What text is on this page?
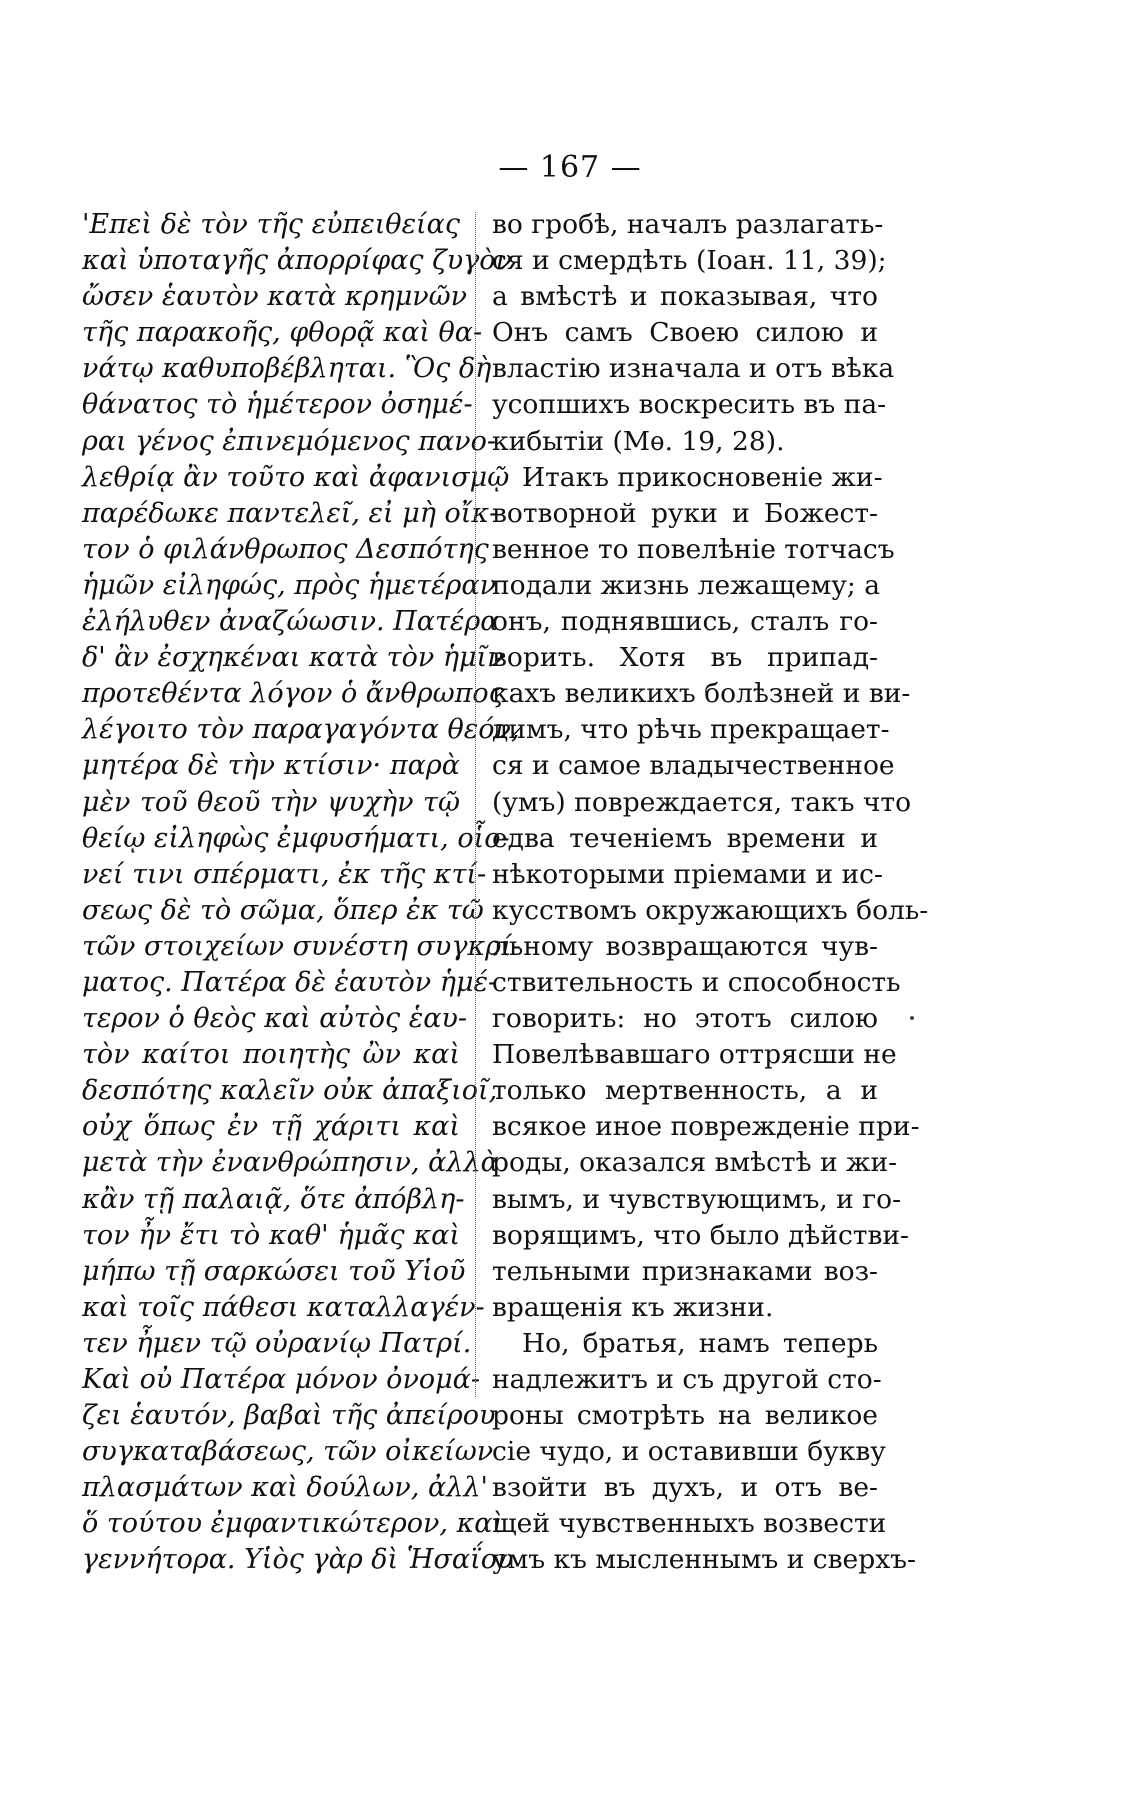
— 167 —
'Επεὶ δὲ τὸν τῆς εὐπειθείας
καὶ ὑποταγῆς ἀπορρίφας ζυγὸν
ὤσεν ἑαυτὸν κατὰ κρημνῶν
τῆς παρακοῆς, φθορᾷ καὶ θα-
νάτῳ καθυποβέβληται. Ὃς δὴ
θάνατος τὸ ἡμέτερον ὀσημέ-
ραι γένος ἐπινεμόμενος πανο-
λεθρίᾳ ἂν τοῦτο καὶ ἀφανισμῷ
παρέδωκε παντελεῖ, εἰ μὴ οἴκ-
τον ὁ φιλάνθρωπος Δεσπότης
ἡμῶν εἰληφώς, πρὸς ἡμετέραν
ἐλήλυθεν ἀναζώωσιν. Πατέρα
δ' ἂν ἐσχηκέναι κατὰ τὸν ἡμῖν
προτεθέντα λόγον ὁ ἄνθρωπος
λέγοιτο τὸν παραγαγόντα θεόν,
μητέρα δὲ τὴν κτίσιν· παρὰ
μὲν τοῦ θεοῦ τὴν ψυχὴν τῷ
θείῳ εἰληφὼς ἐμφυσήματι, οἷο-
νεί τινι σπέρματι, ἐκ τῆς κτί-
σεως δὲ τὸ σῶμα, ὅπερ ἐκ τῶ
τῶν στοιχείων συνέστη συγκρί-
ματος. Πατέρα δὲ ἑαυτὸν ἡμέ-
τερον ὁ θεὸς καὶ αὐτὸς ἑαυ-
τὸν καίτοι ποιητὴς ὢν καὶ
δεσπότης καλεῖν οὐκ ἀπαξιοῖ,
οὐχ ὅπως ἐν τῇ χάριτι καὶ
μετὰ τὴν ἐνανθρώπησιν, ἀλλὰ
κἂν τῇ παλαιᾷ, ὅτε ἀπόβλη-
τον ἦν ἔτι τὸ καθ' ἡμᾶς καὶ
μήπω τῇ σαρκώσει τοῦ Υἱοῦ
καὶ τοῖς πάθεσι καταλλαγέν-
τεν ἦμεν τῷ οὐρανίῳ Πατρί.
Καὶ οὐ Πατέρα μόνον ὀνομά-
ζει ἑαυτόν, βαβαὶ τῆς ἀπείρου
συγκαταβάσεως, τῶν οἰκείων
πλασμάτων καὶ δούλων, ἀλλ'
ὅ τούτου ἐμφαντικώτερον, καὶ
γεννήτορα. Υἱὸς γὰρ δὶ Ἡσαΐου
во гробѣ, началъ разлагать-
ся и смердѣть (Іоан. 11, 39);
а вмѣстѣ и показывая, что
Онъ самъ Своею силою и
властію изначала и отъ вѣка
усопшихъ воскресить въ па-
кибытіи (Мѳ. 19, 28).
Итакъ прикосновеніе жи-
вотворной руки и Божест-
венное то повелѣніе тотчасъ
подали жизнь лежащему; а
онъ, поднявшись, сталъ го-
ворить. Хотя въ припад-
кахъ великихъ болѣзней и ви-
димъ, что рѣчь прекращает-
ся и самое владычественное
(умъ) повреждается, такъ что
едва теченіемъ времени и
нѣкоторыми пріемами и ис-
кусствомъ окружающихъ боль-
льному возвращаются чув-
ствительность и способность
говорить: но этотъ силою
Повелѣвавшаго оттрясши не
только мертвенность, а и
всякое иное поврежденіе при-
роды, оказался вмѣстѣ и жи-
вымъ, и чувствующимъ, и го-
ворящимъ, что было дѣйстви-
тельными признаками воз-
вращенія къ жизни.
Но, братья, намъ теперь
надлежитъ и съ другой сто-
роны смотрѣть на великое
сіе чудо, и оставивши букву
взойти въ духъ, и отъ ве-
щей чувственныхъ возвести
умъ къ мысленнымъ и сверхъ-
